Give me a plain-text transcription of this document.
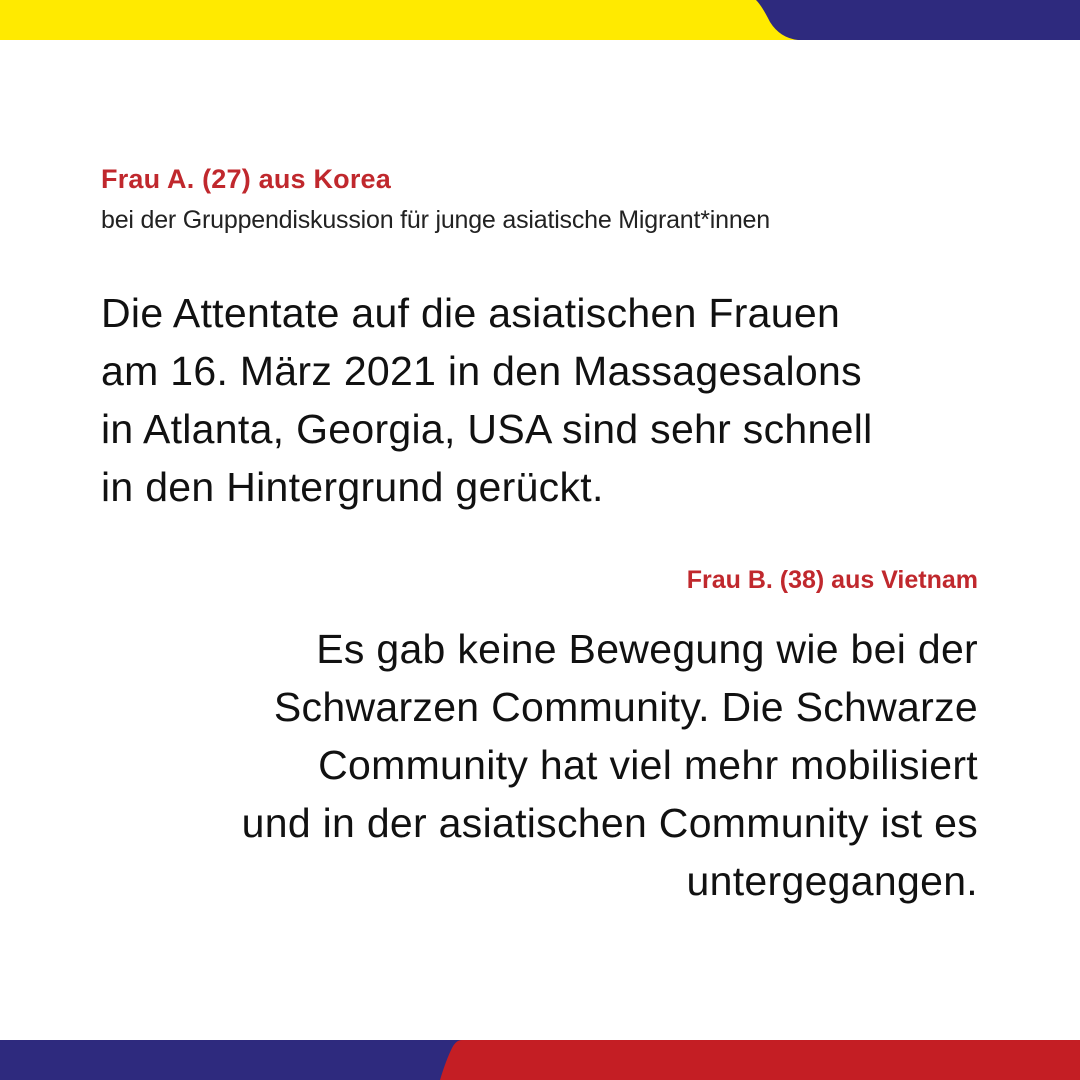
Frau A. (27) aus Korea
bei der Gruppendiskussion für junge asiatische Migrant*innen
Die Attentate auf die asiatischen Frauen
am 16. März 2021 in den Massagesalons
in Atlanta, Georgia, USA sind sehr schnell
in den Hintergrund gerückt.
Frau B. (38) aus Vietnam
Es gab keine Bewegung wie bei der
Schwarzen Community. Die Schwarze
Community hat viel mehr mobilisiert
und in der asiatischen Community ist es
untergegangen.
